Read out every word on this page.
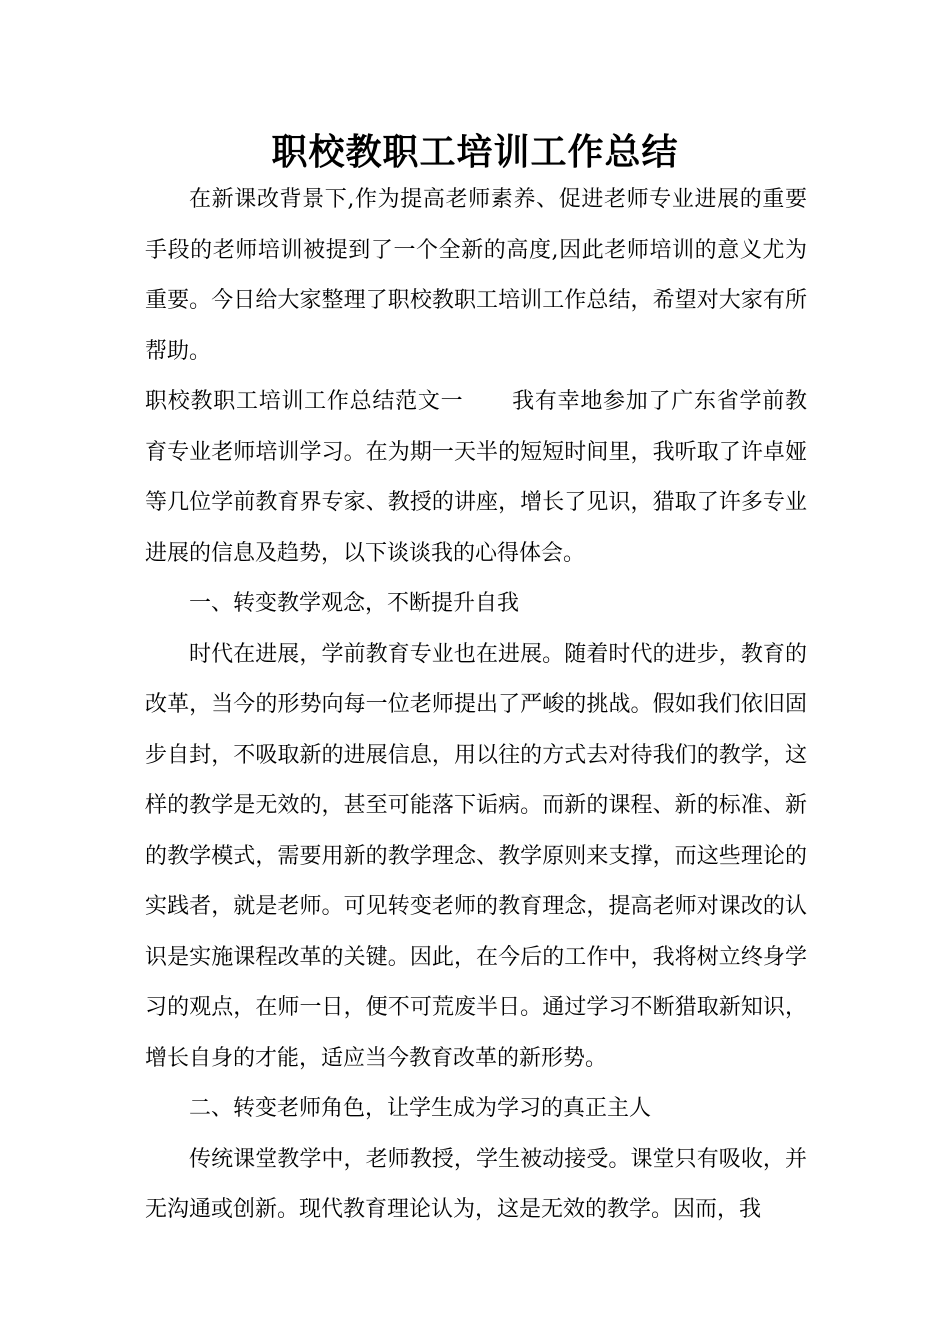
职校教职工培训工作总结

在新课改背景下,作为提高老师素养、促进老师专业进展的重要手段的老师培训被提到了一个全新的高度,因此老师培训的意义尤为重要。今日给大家整理了职校教职工培训工作总结，希望对大家有所帮助。

职校教职工培训工作总结范文一 我有幸地参加了广东省学前教育专业老师培训学习。在为期一天半的短短时间里，我听取了许卓娅等几位学前教育界专家、教授的讲座，增长了见识，猎取了许多专业进展的信息及趋势，以下谈谈我的心得体会。

一、转变教学观念，不断提升自我

时代在进展，学前教育专业也在进展。随着时代的进步，教育的改革，当今的形势向每一位老师提出了严峻的挑战。假如我们依旧固步自封，不吸取新的进展信息，用以往的方式去对待我们的教学，这样的教学是无效的，甚至可能落下诟病。而新的课程、新的标准、新的教学模式，需要用新的教学理念、教学原则来支撑，而这些理论的实践者，就是老师。可见转变老师的教育理念，提高老师对课改的认识是实施课程改革的关键。因此，在今后的工作中，我将树立终身学习的观点，在师一日，便不可荒废半日。通过学习不断猎取新知识，增长自身的才能，适应当今教育改革的新形势。

二、转变老师角色，让学生成为学习的真正主人

传统课堂教学中，老师教授，学生被动接受。课堂只有吸收，并无沟通或创新。现代教育理论认为，这是无效的教学。因而，我
